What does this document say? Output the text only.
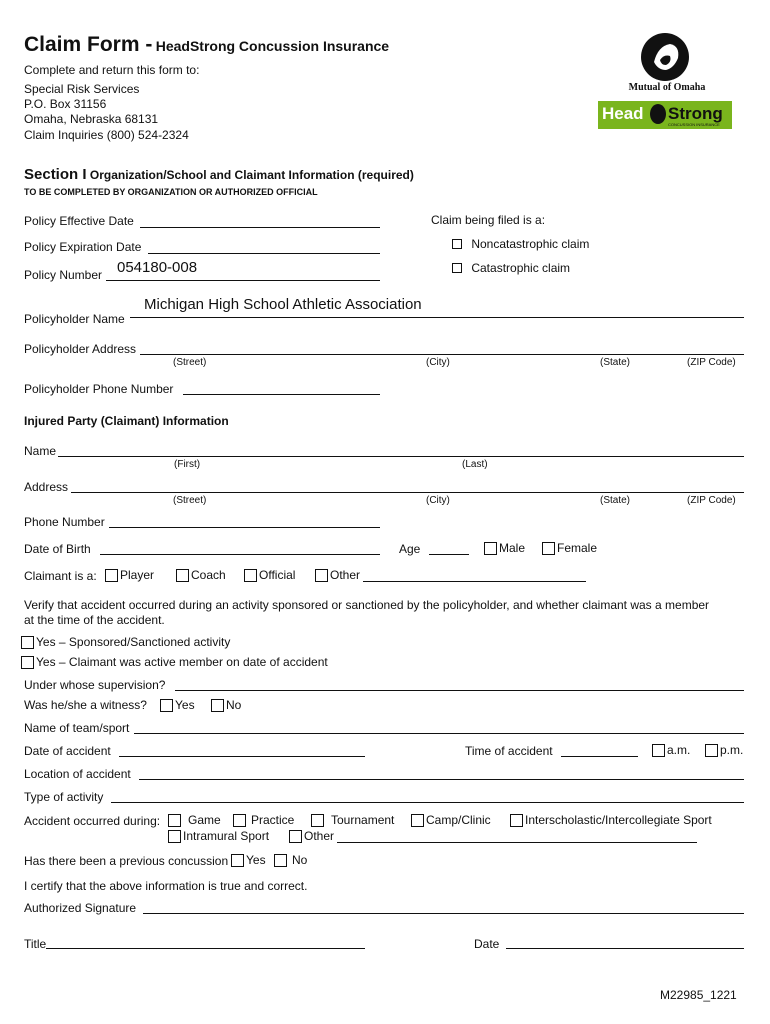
Claim Form - HeadStrong Concussion Insurance
Complete and return this form to:
Special Risk Services
P.O. Box 31156
Omaha, Nebraska 68131
Claim Inquiries (800) 524-2324
Mutual of Omaha
Head Strong
CONCUSSION INSURANCE
Section I Organization/School and Claimant Information (required)
TO BE COMPLETED BY ORGANIZATION OR AUTHORIZED OFFICIAL
Policy Effective Date
Policy Expiration Date
Policy Number 054180-008
Claim being filed is a:
Noncatastrophic claim
Catastrophic claim
Michigan High School Athletic Association
Policyholder Name
Policyholder Address
(Street)	(City)	(State)	(ZIP Code)
Policyholder Phone Number
Injured Party (Claimant) Information
Name
(First)	(Last)
Address
(Street)	(City)	(State)	(ZIP Code)
Phone Number
Date of Birth	Age	Male	Female
Claimant is a:	Player	Coach	Official	Other
Verify that accident occurred during an activity sponsored or sanctioned by the policyholder, and whether claimant was a member
at the time of the accident.
Yes – Sponsored/Sanctioned activity
Yes – Claimant was active member on date of accident
Under whose supervision?
Was he/she a witness?	Yes	No
Name of team/sport
Date of accident	Time of accident	a.m.	p.m.
Location of accident
Type of activity
Accident occurred during:	Game	Practice	Tournament	Camp/Clinic	Interscholastic/Intercollegiate Sport
Intramural Sport	Other
Has there been a previous concussion	Yes	No
I certify that the above information is true and correct.
Authorized Signature
Title	Date
M22985_1221
